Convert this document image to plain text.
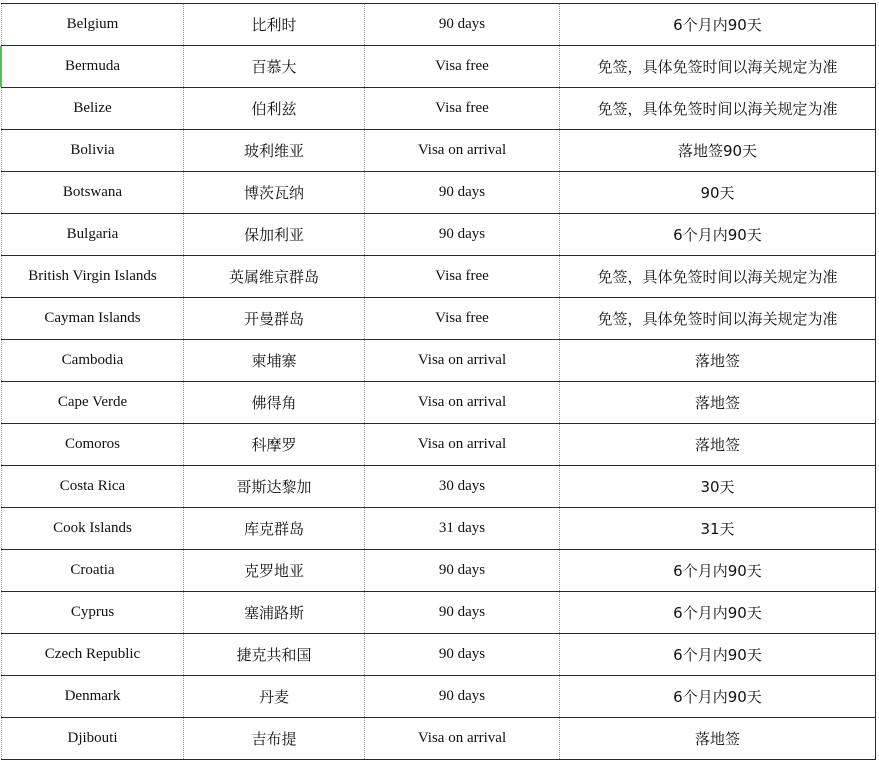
Belgium	比利时	90 days	6个月内90天
Bermuda	百慕大	Visa free	免签，具体免签时间以海关规定为准
Belize	伯利兹	Visa free	免签，具体免签时间以海关规定为准
Bolivia	玻利维亚	Visa on arrival	落地签90天
Botswana	博茨瓦纳	90 days	90天
Bulgaria	保加利亚	90 days	6个月内90天
British Virgin Islands	英属维京群岛	Visa free	免签，具体免签时间以海关规定为准
Cayman Islands	开曼群岛	Visa free	免签，具体免签时间以海关规定为准
Cambodia	柬埔寨	Visa on arrival	落地签
Cape Verde	佛得角	Visa on arrival	落地签
Comoros	科摩罗	Visa on arrival	落地签
Costa Rica	哥斯达黎加	30 days	30天
Cook Islands	库克群岛	31 days	31天
Croatia	克罗地亚	90 days	6个月内90天
Cyprus	塞浦路斯	90 days	6个月内90天
Czech Republic	捷克共和国	90 days	6个月内90天
Denmark	丹麦	90 days	6个月内90天
Djibouti	吉布提	Visa on arrival	落地签
